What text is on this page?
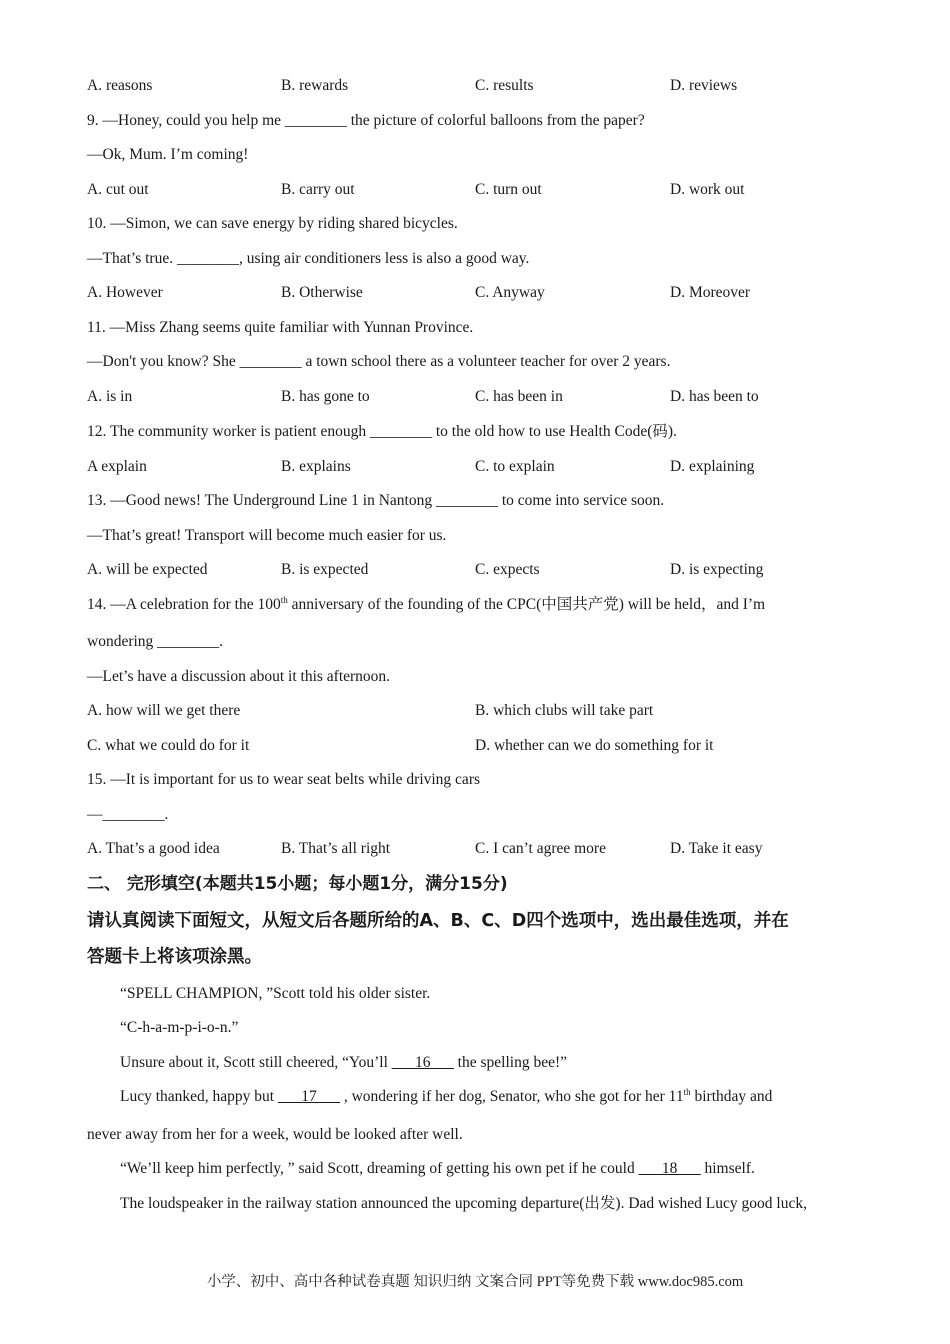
A. reasons	B. rewards	C. results	D. reviews
9. —Honey, could you help me ________ the picture of colorful balloons from the paper?
—Ok, Mum. I’m coming!
A. cut out	B. carry out	C. turn out	D. work out
10. —Simon, we can save energy by riding shared bicycles.
—That’s true. ________, using air conditioners less is also a good way.
A. However	B. Otherwise	C. Anyway	D. Moreover
11. —Miss Zhang seems quite familiar with Yunnan Province.
—Don't you know? She ________ a town school there as a volunteer teacher for over 2 years.
A. is in	B. has gone to	C. has been in	D. has been to
12. The community worker is patient enough ________ to the old how to use Health Code(码).
A explain	B. explains	C. to explain	D. explaining
13. —Good news! The Underground Line 1 in Nantong ________ to come into service soon.
—That’s great! Transport will become much easier for us.
A. will be expected	B. is expected	C. expects	D. is expecting
14. —A celebration for the 100th anniversary of the founding of the CPC(中国共产党) will be held，and I’m
wondering ________.
—Let’s have a discussion about it this afternoon.
A. how will we get there	B. which clubs will take part
C. what we could do for it	D. whether can we do something for it
15. —It is important for us to wear seat belts while driving cars
—________.
A. That’s a good idea	B. That’s all right	C. I can’t agree more	D. Take it easy
二、 完形填空(本题共15小题；每小题1分，满分15分)
请认真阅读下面短文，从短文后各题所给的A、B、C、D四个选项中，选出最佳选项，并在
答题卡上将该项涂黑。
“SPELL CHAMPION, ”Scott told his older sister.
“C-h-a-m-p-i-o-n.”
Unsure about it, Scott still cheered, “You’ll ___16___ the spelling bee!”
Lucy thanked, happy but ___17___ , wondering if her dog, Senator, who she got for her 11th birthday and
never away from her for a week, would be looked after well.
“We’ll keep him perfectly, ” said Scott, dreaming of getting his own pet if he could ___18___ himself.
The loudspeaker in the railway station announced the upcoming departure(出发). Dad wished Lucy good luck,
小学、初中、高中各种试卷真题 知识归纳 文案合同 PPT等免费下载 www.doc985.com
